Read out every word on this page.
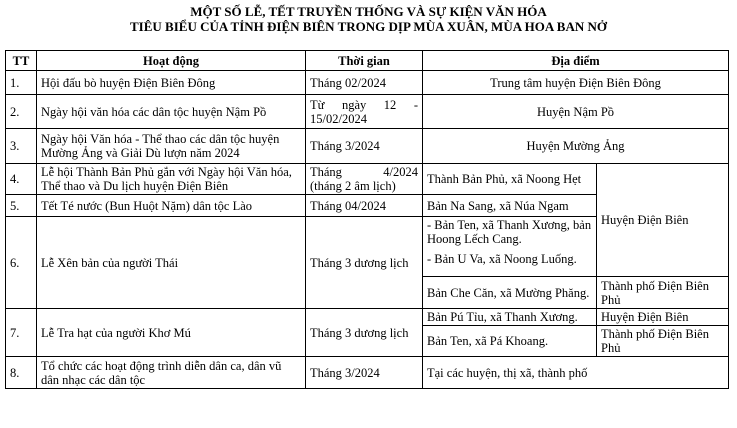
MỘT SỐ LỄ, TẾT TRUYỀN THỐNG VÀ SỰ KIỆN VĂN HÓA
TIÊU BIỂU CỦA TỈNH ĐIỆN BIÊN TRONG DỊP MÙA XUÂN, MÙA HOA BAN NỞ
TT	Hoạt động	Thời gian	Địa điểm	
1.	Hội đấu bò huyện Điện Biên Đông	Tháng 02/2024	Trung tâm huyện Điện Biên Đông	
2.	Ngày hội văn hóa các dân tộc huyện Nậm Pồ	Từ ngày 12 -
15/02/2024	Huyện Nậm Pồ	
3.	Ngày hội Văn hóa - Thể thao các dân tộc huyện Mường Ảng và Giải Dù lượn năm 2024	Tháng 3/2024	Huyện Mường Ảng	
4.	Lễ hội Thành Bản Phủ gắn với Ngày hội Văn hóa, Thể thao và Du lịch huyện Điện Biên	Tháng 4/2024
(tháng 2 âm lịch)	Thành Bản Phủ, xã Noong Hẹt	Huyện Điện Biên
5.	Tết Té nước (Bun Huột Nặm) dân tộc Lào	Tháng 04/2024	Bản Na Sang, xã Núa Ngam	
6.	Lễ Xên bản của người Thái	Tháng 3 dương lịch	- Bản Ten, xã Thanh Xương, bản Hoong Lếch Cang.
- Bản U Va, xã Noong Luống.	

			Bản Che Căn, xã Mường Phăng.	Thành phố Điện Biên Phủ
7.	Lễ Tra hạt của người Khơ Mú	Tháng 3 dương lịch	Bản Pú Tỉu, xã Thanh Xương.	Huyện Điện Biên
			Bản Ten, xã Pá Khoang.	Thành phố Điện Biên Phủ
8.	Tổ chức các hoạt động trình diễn dân ca, dân vũ dân nhạc các dân tộc	Tháng 3/2024	Tại các huyện, thị xã, thành phố	
